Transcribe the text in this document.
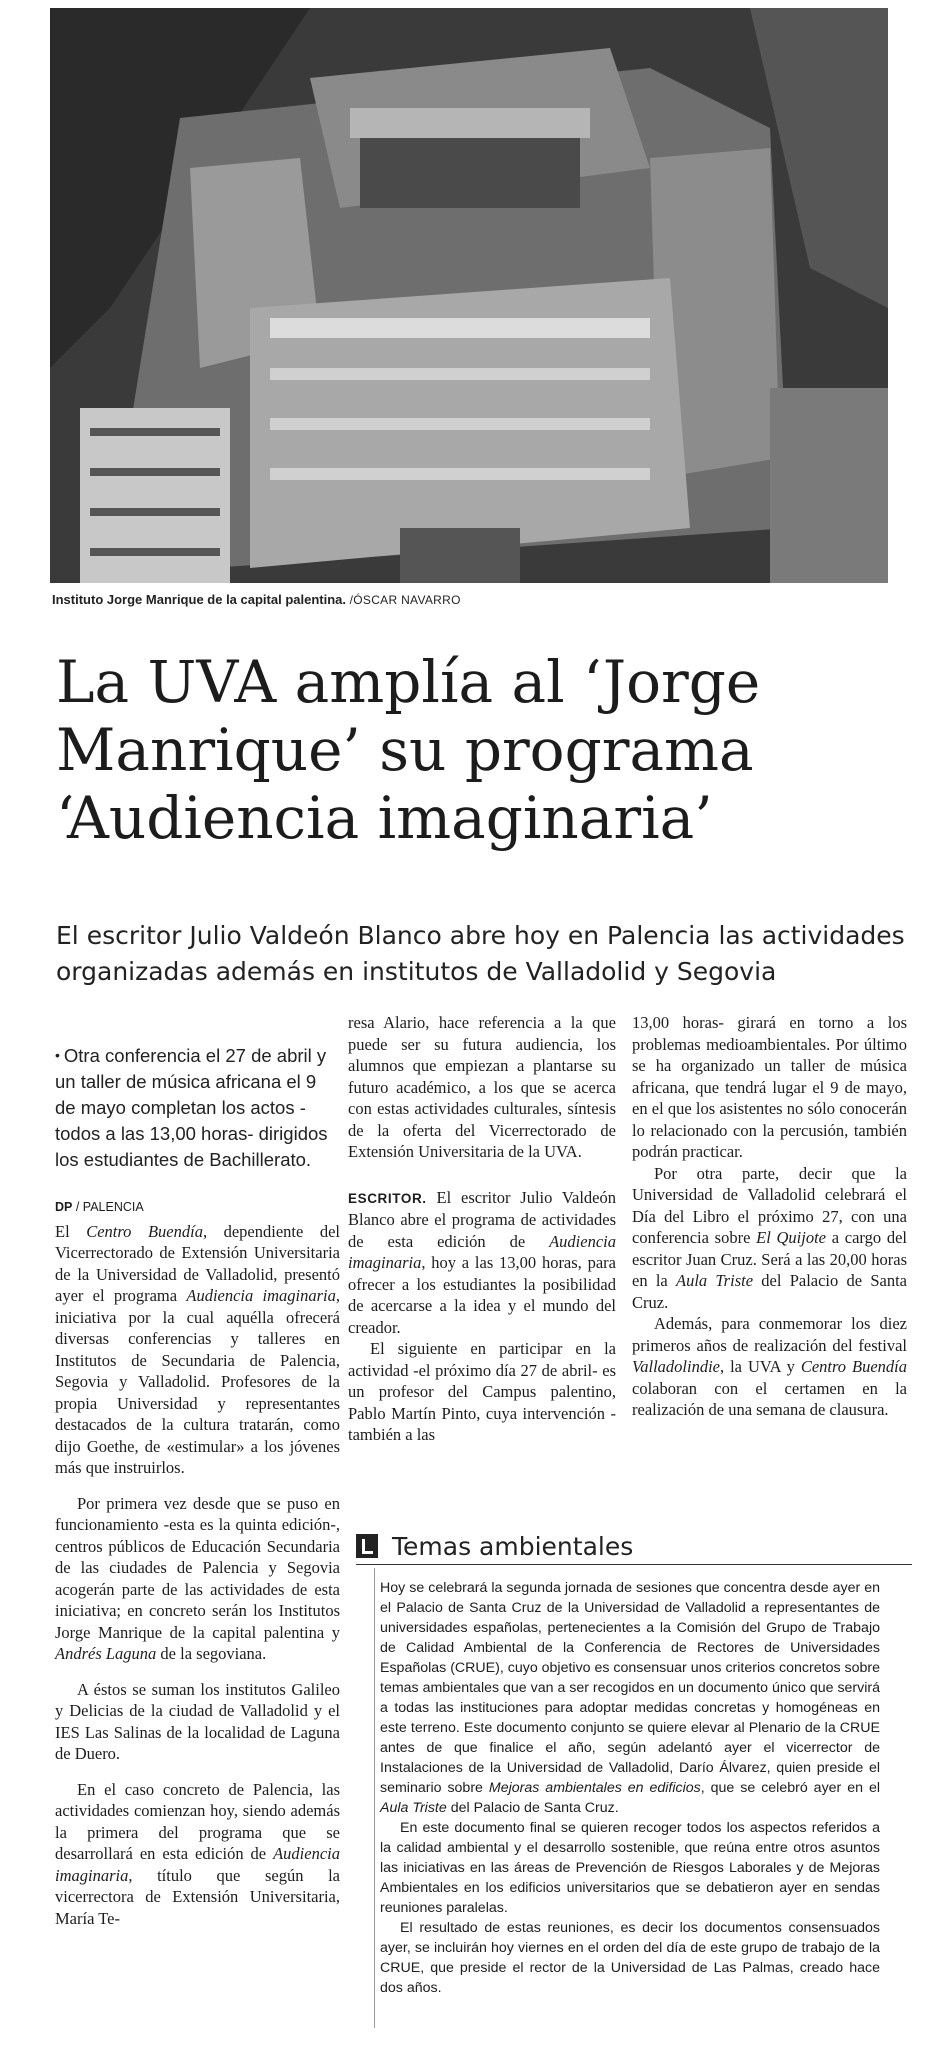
Instituto Jorge Manrique de la capital palentina. /ÓSCAR NAVARRO
La UVA amplía al ‘Jorge
Manrique’ su programa
‘Audiencia imaginaria’
El escritor Julio Valdeón Blanco abre hoy en Palencia las actividades
organizadas además en institutos de Valladolid y Segovia
• Otra conferencia el 27 de abril y un taller de música africana el 9 de mayo completan los actos -todos a las 13,00 horas- dirigidos los estudiantes de Bachillerato.
DP / PALENCIA

El Centro Buendía, dependiente del Vicerrectorado de Extensión Universitaria de la Universidad de Valladolid, presentó ayer el programa Audiencia imaginaria, iniciativa por la cual aquélla ofrecerá diversas conferencias y talleres en Institutos de Secundaria de Palencia, Segovia y Valladolid. Profesores de la propia Universidad y representantes destacados de la cultura tratarán, como dijo Goethe, de «estimular» a los jóvenes más que instruirlos.

Por primera vez desde que se puso en funcionamiento -esta es la quinta edición-, centros públicos de Educación Secundaria de las ciudades de Palencia y Segovia acogerán parte de las actividades de esta iniciativa; en concreto serán los Institutos Jorge Manrique de la capital palentina y Andrés Laguna de la segoviana.

A éstos se suman los institutos Galileo y Delicias de la ciudad de Valladolid y el IES Las Salinas de la localidad de Laguna de Duero.

En el caso concreto de Palencia, las actividades comienzan hoy, siendo además la primera del programa que se desarrollará en esta edición de Audiencia imaginaria, título que según la vicerrectora de Extensión Universitaria, María Te-

resa Alario, hace referencia a la que puede ser su futura audiencia, los alumnos que empiezan a plantarse su futuro académico, a los que se acerca con estas actividades culturales, síntesis de la oferta del Vicerrectorado de Extensión Universitaria de la UVA.

ESCRITOR. El escritor Julio Valdeón Blanco abre el programa de actividades de esta edición de Audiencia imaginaria, hoy a las 13,00 horas, para ofrecer a los estudiantes la posibilidad de acercarse a la idea y el mundo del creador.

El siguiente en participar en la actividad -el próximo día 27 de abril- es un profesor del Campus palentino, Pablo Martín Pinto, cuya intervención -también a las

13,00 horas- girará en torno a los problemas medioambientales. Por último se ha organizado un taller de música africana, que tendrá lugar el 9 de mayo, en el que los asistentes no sólo conocerán lo relacionado con la percusión, también podrán practicar.

Por otra parte, decir que la Universidad de Valladolid celebrará el Día del Libro el próximo 27, con una conferencia sobre El Quijote a cargo del escritor Juan Cruz. Será a las 20,00 horas en la Aula Triste del Palacio de Santa Cruz.

Además, para conmemorar los diez primeros años de realización del festival Valladolindie, la UVA y Centro Buendía colaboran con el certamen en la realización de una semana de clausura.

Temas ambientales

Hoy se celebrará la segunda jornada de sesiones que concentra desde ayer en el Palacio de Santa Cruz de la Universidad de Valladolid a representantes de universidades españolas, pertenecientes a la Comisión del Grupo de Trabajo de Calidad Ambiental de la Conferencia de Rectores de Universidades Españolas (CRUE), cuyo objetivo es consensuar unos criterios concretos sobre temas ambientales que van a ser recogidos en un documento único que servirá a todas las instituciones para adoptar medidas concretas y homogéneas en este terreno. Este documento conjunto se quiere elevar al Plenario de la CRUE antes de que finalice el año, según adelantó ayer el vicerrector de Instalaciones de la Universidad de Valladolid, Darío Álvarez, quien preside el seminario sobre Mejoras ambientales en edificios, que se celebró ayer en el Aula Triste del Palacio de Santa Cruz.

En este documento final se quieren recoger todos los aspectos referidos a la calidad ambiental y el desarrollo sostenible, que reúna entre otros asuntos las iniciativas en las áreas de Prevención de Riesgos Laborales y de Mejoras Ambientales en los edificios universitarios que se debatieron ayer en sendas reuniones paralelas.

El resultado de estas reuniones, es decir los documentos consensuados ayer, se incluirán hoy viernes en el orden del día de este grupo de trabajo de la CRUE, que preside el rector de la Universidad de Las Palmas, creado hace dos años.
